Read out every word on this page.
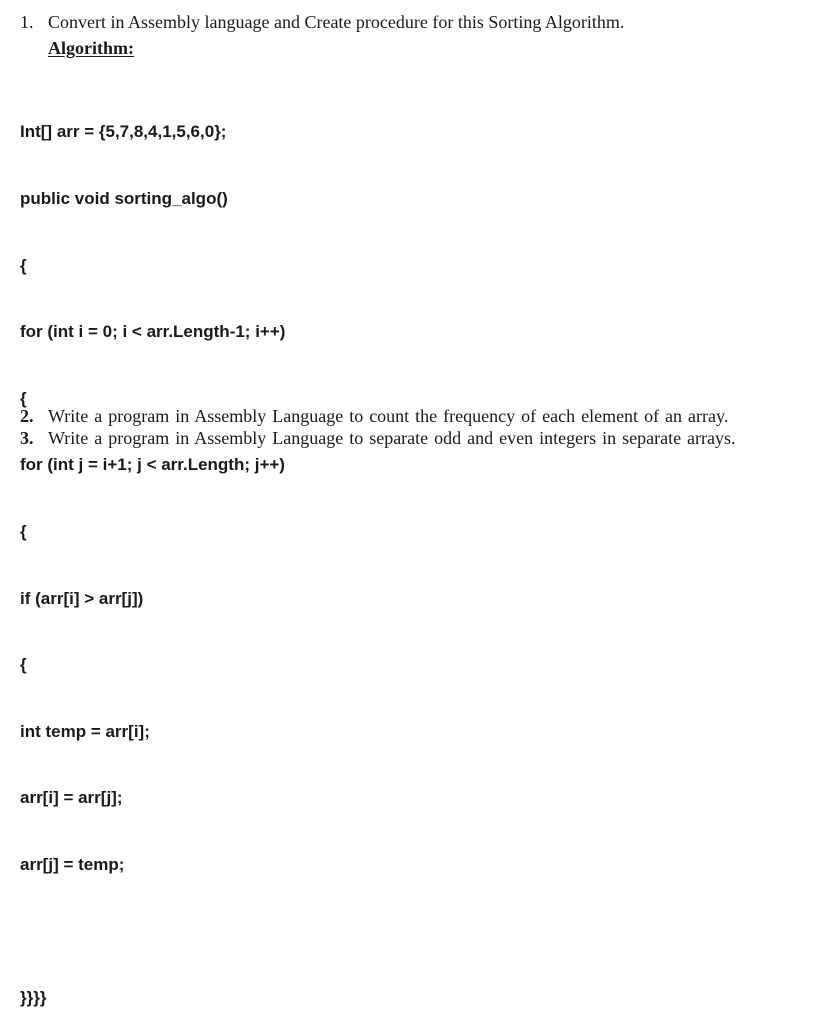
1. Convert in Assembly language and Create procedure for this Sorting Algorithm.
Algorithm:

Int[] arr = {5,7,8,4,1,5,6,0};

public void sorting_algo()

{

for (int i = 0; i < arr.Length-1; i++)

{

for (int j = i+1; j < arr.Length; j++)

{

if (arr[i] > arr[j])

{

int temp = arr[i];

arr[i] = arr[j];

arr[j] = temp;

}}}}

2. Write a program in Assembly Language to count the frequency of each element of an array.
3. Write a program in Assembly Language to separate odd and even integers in separate arrays.
